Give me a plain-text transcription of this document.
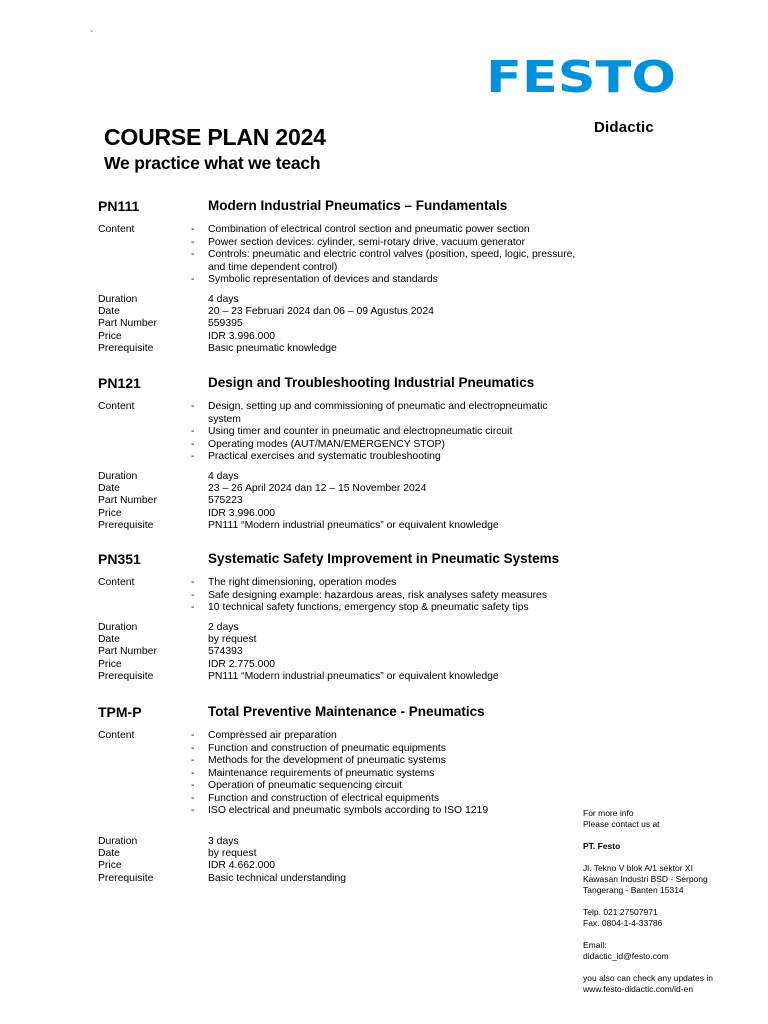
`
FESTO
Didactic
COURSE PLAN 2024
We practice what we teach
PN111	Modern Industrial Pneumatics – Fundamentals
Content	- Combination of electrical control section and pneumatic power section
- Power section devices: cylinder, semi-rotary drive, vacuum generator
- Controls: pneumatic and electric control valves (position, speed, logic, pressure, and time dependent control)
- Symbolic representation of devices and standards
Duration	4 days
Date	20 – 23 Februari 2024 dan 06 – 09 Agustus 2024
Part Number	559395
Price	IDR 3.996.000
Prerequisite	Basic pneumatic knowledge
PN121	Design and Troubleshooting Industrial Pneumatics
Content	- Design, setting up and commissioning of pneumatic and electropneumatic system
- Using timer and counter in pneumatic and electropneumatic circuit
- Operating modes (AUT/MAN/EMERGENCY STOP)
- Practical exercises and systematic troubleshooting
Duration	4 days
Date	23 – 26 April 2024 dan 12 – 15 November 2024
Part Number	575223
Price	IDR 3.996.000
Prerequisite	PN111 “Modern industrial pneumatics” or equivalent knowledge
PN351	Systematic Safety Improvement in Pneumatic Systems
Content	- The right dimensioning, operation modes
- Safe designing example: hazardous areas, risk analyses safety measures
- 10 technical safety functions, emergency stop & pneumatic safety tips
Duration	2 days
Date	by request
Part Number	574393
Price	IDR 2.775.000
Prerequisite	PN111 “Modern industrial pneumatics” or equivalent knowledge
TPM-P	Total Preventive Maintenance - Pneumatics
Content	- Compressed air preparation
- Function and construction of pneumatic equipments
- Methods for the development of pneumatic systems
- Maintenance requirements of pneumatic systems
- Operation of pneumatic sequencing circuit
- Function and construction of electrical equipments
- ISO electrical and pneumatic symbols according to ISO 1219
Duration	3 days
Date	by request
Price	IDR 4.662.000
Prerequisite	Basic technical understanding
For more info
Please contact us at
PT. Festo
Jl. Tekno V blok A/1 sektor XI
Kawasan Industri BSD - Serpong
Tangerang - Banten 15314
Telp. 021 27507971
Fax. 0804-1-4-33786
Email:
didactic_id@festo.com
you also can check any updates in
www.festo-didactic.com/id-en
